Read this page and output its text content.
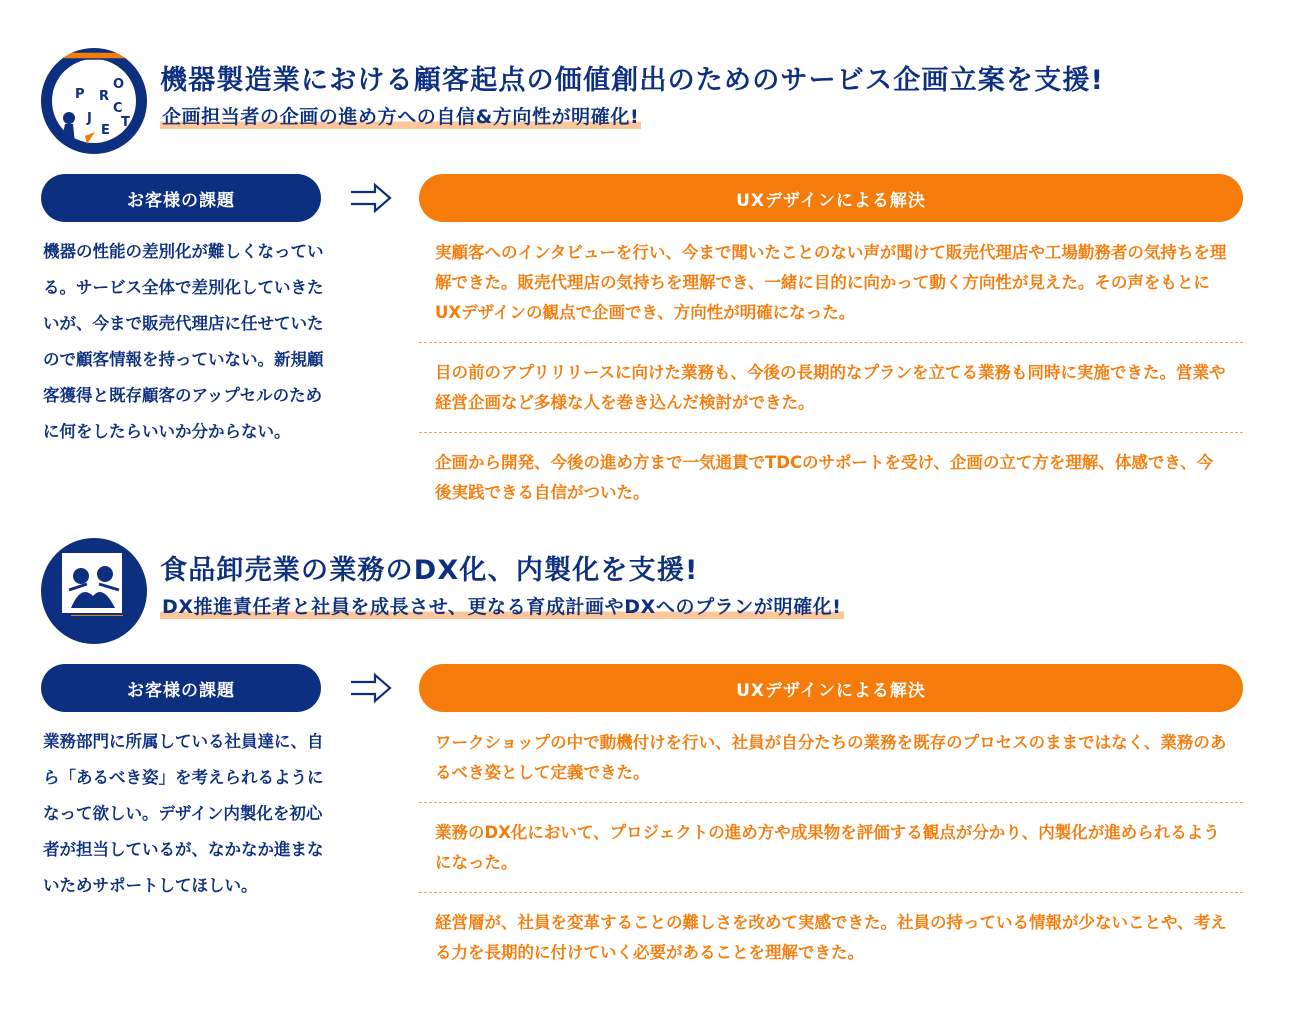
P R
O
J
E
C
T
機器製造業における顧客起点の価値創出のためのサービス企画立案を支援!
企画担当者の企画の進め方への自信&方向性が明確化!
お客様の課題	UXデザインによる解決

機器の性能の差別化が難しくなっている。サービス全体で差別化していきたいが、今まで販売代理店に任せていたので顧客情報を持っていない。新規顧客獲得と既存顧客のアップセルのために何をしたらいいか分からない。

実顧客へのインタビューを行い、今まで聞いたことのない声が聞けて販売代理店や工場勤務者の気持ちを理解できた。販売代理店の気持ちを理解でき、一緒に目的に向かって動く方向性が見えた。その声をもとにUXデザインの観点で企画でき、方向性が明確になった。

目の前のアプリリリースに向けた業務も、今後の長期的なプランを立てる業務も同時に実施できた。営業や経営企画など多様な人を巻き込んだ検討ができた。

企画から開発、今後の進め方まで一気通貫でTDCのサポートを受け、企画の立て方を理解、体感でき、今後実践できる自信がついた。

食品卸売業の業務のDX化、内製化を支援!
DX推進責任者と社員を成長させ、更なる育成計画やDXへのプランが明確化!
お客様の課題	UXデザインによる解決

業務部門に所属している社員達に、自ら「あるべき姿」を考えられるようになって欲しい。デザイン内製化を初心者が担当しているが、なかなか進まないためサポートしてほしい。

ワークショップの中で動機付けを行い、社員が自分たちの業務を既存のプロセスのままではなく、業務のあるべき姿として定義できた。

業務のDX化において、プロジェクトの進め方や成果物を評価する観点が分かり、内製化が進められるようになった。

経営層が、社員を変革することの難しさを改めて実感できた。社員の持っている情報が少ないことや、考える力を長期的に付けていく必要があることを理解できた。
